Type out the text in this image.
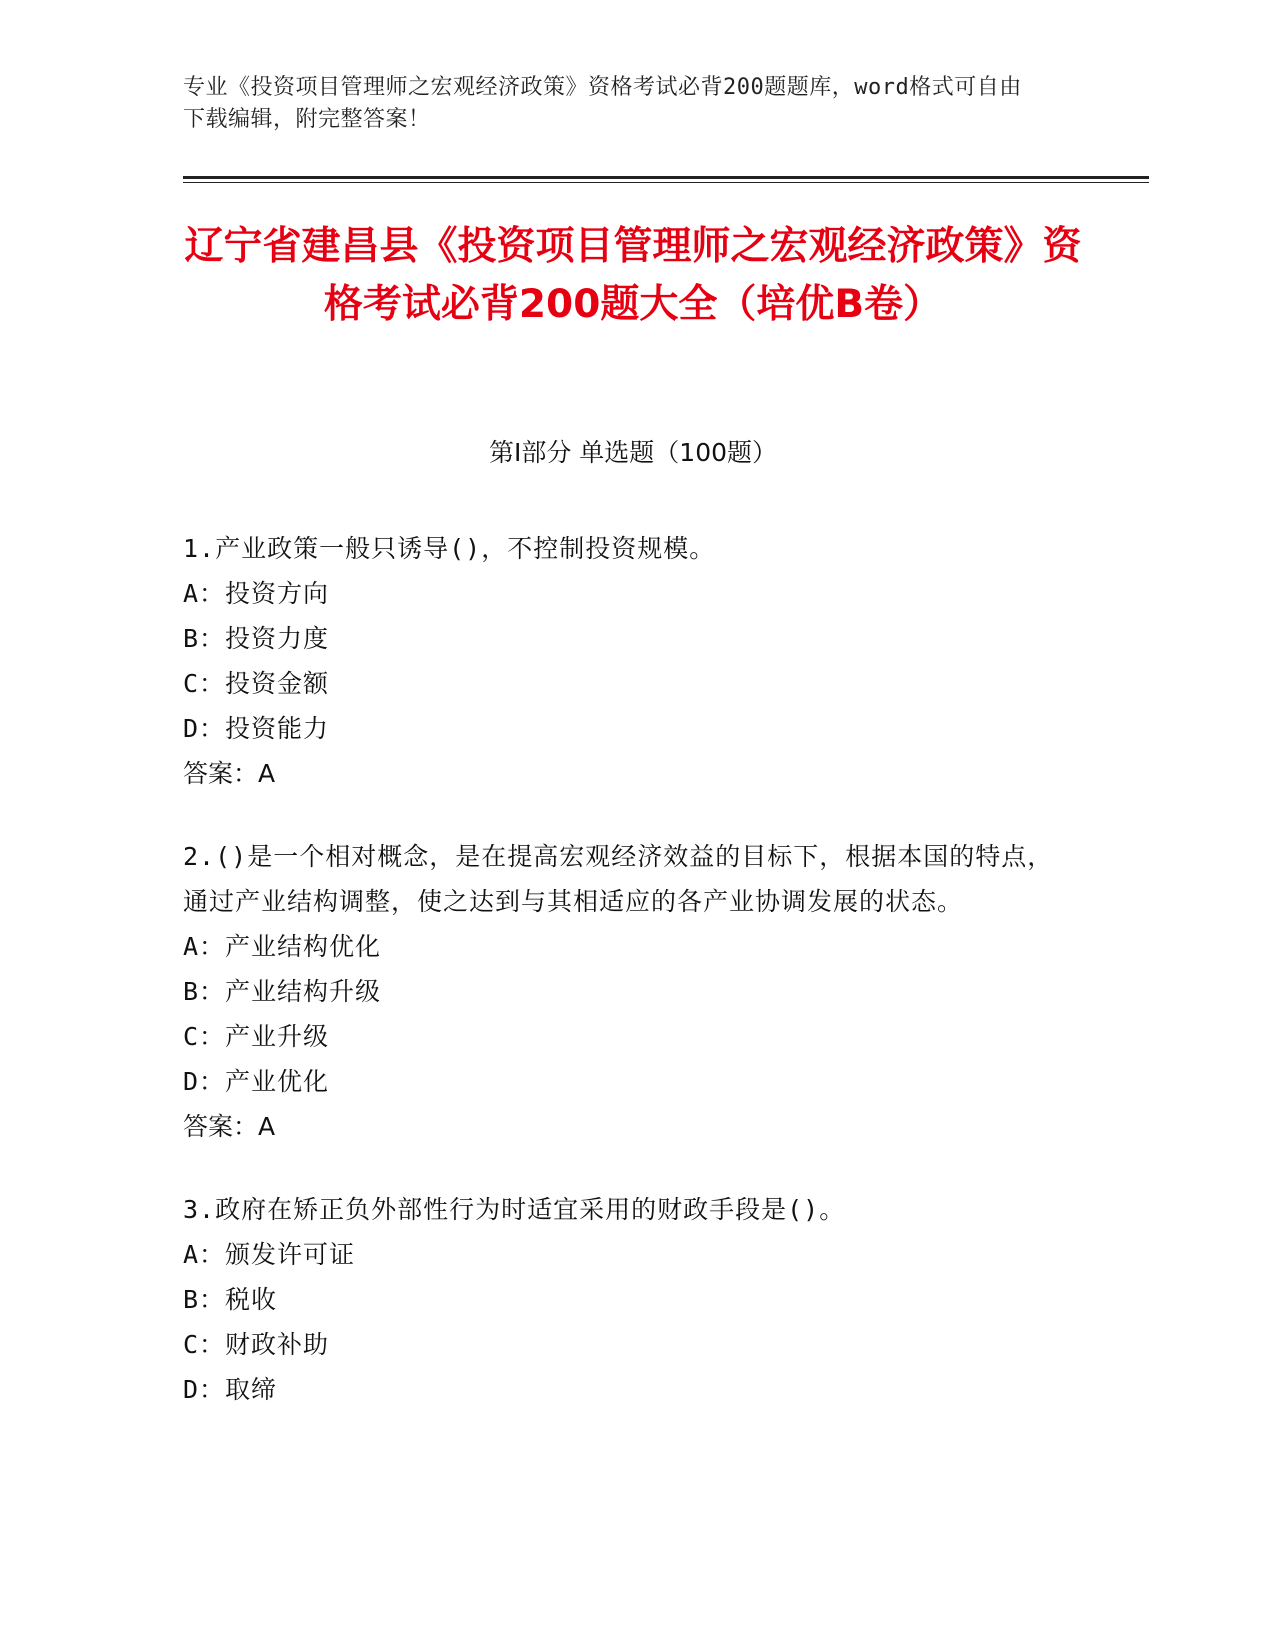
专业《投资项目管理师之宏观经济政策》资格考试必背200题题库，word格式可自由下载编辑，附完整答案！
辽宁省建昌县《投资项目管理师之宏观经济政策》资格考试必背200题大全（培优B卷）
第Ⅰ部分 单选题（100题）
1.产业政策一般只诱导()，不控制投资规模。
A：投资方向
B：投资力度
C：投资金额
D：投资能力
答案：A
2.()是一个相对概念，是在提高宏观经济效益的目标下，根据本国的特点，通过产业结构调整，使之达到与其相适应的各产业协调发展的状态。
A：产业结构优化
B：产业结构升级
C：产业升级
D：产业优化
答案：A
3.政府在矫正负外部性行为时适宜采用的财政手段是()。
A：颁发许可证
B：税收
C：财政补助
D：取缔
